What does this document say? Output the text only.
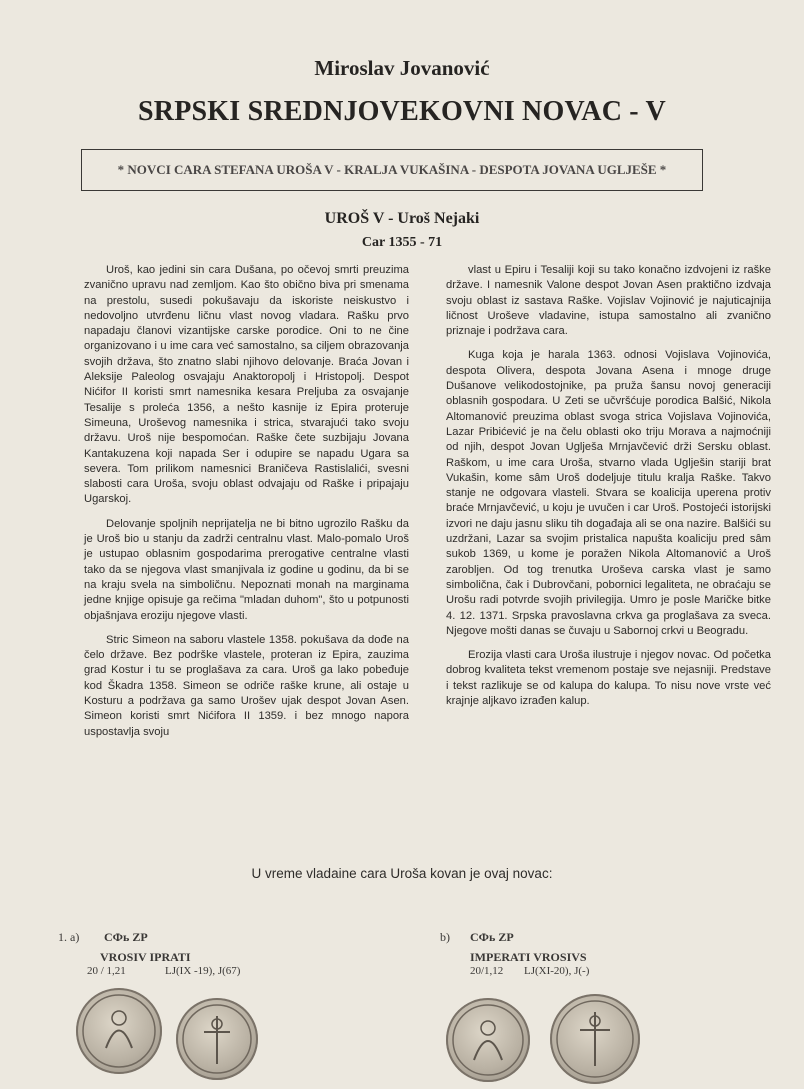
Miroslav Jovanović
SRPSKI SREDNJOVEKOVNI NOVAC - V
* NOVCI CARA STEFANA UROŠA V - KRALJA VUKAŠINA - DESPOTA JOVANA UGLJEŠE *
UROŠ V - Uroš Nejaki
Car 1355 - 71

Uroš, kao jedini sin cara Dušana, po očevoj smrti preuzima zvanično upravu nad zemljom. Kao što obično biva pri smenama na prestolu, susedi pokušavaju da iskoriste neiskustvo i nedovoljno utvrđenu ličnu vlast novog vladara. Rašku prvo napadaju članovi vizantijske carske porodice. Oni to ne čine organizovano i u ime cara već samostalno, sa ciljem obrazovanja svojih država, što znatno slabi njihovo delovanje. Braća Jovan i Aleksije Paleolog osvajaju Anaktoropolj i Hristopolj. Despot Nićifor II koristi smrt namesnika kesara Preljuba za osvajanje Tesalije s proleća 1356, a nešto kasnije iz Epira proteruje Simeuna, Uroševog namesnika i strica, stvarajući tako svoju državu. Uroš nije bespomoćan. Raške čete suzbijaju Jovana Kantakuzena koji napada Ser i odupire se napadu Ugara sa severa. Tom prilikom namesnici Braničeva Rastislalići, svesni slabosti cara Uroša, svoju oblast odvajaju od Raške i pripajaju Ugarskoj.

Delovanje spoljnih neprijatelja ne bi bitno ugrozilo Rašku da je Uroš bio u stanju da zadrži centralnu vlast. Malo-pomalo Uroš je ustupao oblasnim gospodarima prerogative centralne vlasti tako da se njegova vlast smanjivala iz godine u godinu, da bi se na kraju svela na simboličnu. Nepoznati monah na marginama jedne knjige opisuje ga rečima "mladan duhom", što u potpunosti objašnjava eroziju njegove vlasti.

Stric Simeon na saboru vlastele 1358. pokušava da dođe na čelo države. Bez podrške vlastele, proteran iz Epira, zauzima grad Kostur i tu se proglašava za cara. Uroš ga lako pobeđuje kod Škadra 1358. Simeon se odriče raške krune, ali ostaje u Kosturu a podržava ga samo Urošev ujak despot Jovan Asen. Simeon koristi smrt Nićifora II 1359. i bez mnogo napora uspostavlja svoju

vlast u Epiru i Tesaliji koji su tako konačno izdvojeni iz raške države. I namesnik Valone despot Jovan Asen praktično izdvaja svoju oblast iz sastava Raške. Vojislav Vojinović je najuticajnija ličnost Uroševe vladavine, istupa samostalno ali zvanično priznaje i podržava cara.

Kuga koja je harala 1363. odnosi Vojislava Vojinovića, despota Olivera, despota Jovana Asena i mnoge druge Dušanove velikodostojnike, pa pruža šansu novoj generaciji oblasnih gospodara. U Zeti se učvršćuje porodica Balšić, Nikola Altomanović preuzima oblast svoga strica Vojislava Vojinovića, Lazar Pribićević je na čelu oblasti oko triju Morava a najmoćniji od njih, despot Jovan Uglješa Mrnjavčević drži Sersku oblast. Raškom, u ime cara Uroša, stvarno vlada Uglješin stariji brat Vukašin, kome sâm Uroš dodeljuje titulu kralja Raške. Takvo stanje ne odgovara vlasteli. Stvara se koalicija uperena protiv braće Mrnjavčević, u koju je uvučen i car Uroš. Postojeći istorijski izvori ne daju jasnu sliku tih događaja ali se ona nazire. Balšići su uzdržani, Lazar sa svojim pristalica napušta koaliciju pred sâm sukob 1369, u kome je poražen Nikola Altomanović a Uroš zarobljen. Od tog trenutka Uroševa carska vlast je samo simbolična, čak i Dubrovčani, pobornici legaliteta, ne obraćaju se Urošu radi potvrde svojih privilegija. Umro je posle Maričke bitke 4. 12. 1371. Srpska pravoslavna crkva ga proglašava za sveca. Njegove mošti danas se čuvaju u Sabornoj crkvi u Beogradu.

Erozija vlasti cara Uroša ilustruje i njegov novac. Od početka dobrog kvaliteta tekst vremenom postaje sve nejasniji. Predstave i tekst razlikuje se od kalupa do kalupa. To nisu nove vrste već krajnje aljkavo izrađen kalup.

U vreme vladaine cara Uroša kovan je ovaj novac:
1. a) CФь ZP
VROSIV IPRATI
20 / 1,21	LJ(IX -19), J(67)
b) CФь ZP
IMPERATI VROSIVS
20/1,12 LJ(XI-20), J(-)
